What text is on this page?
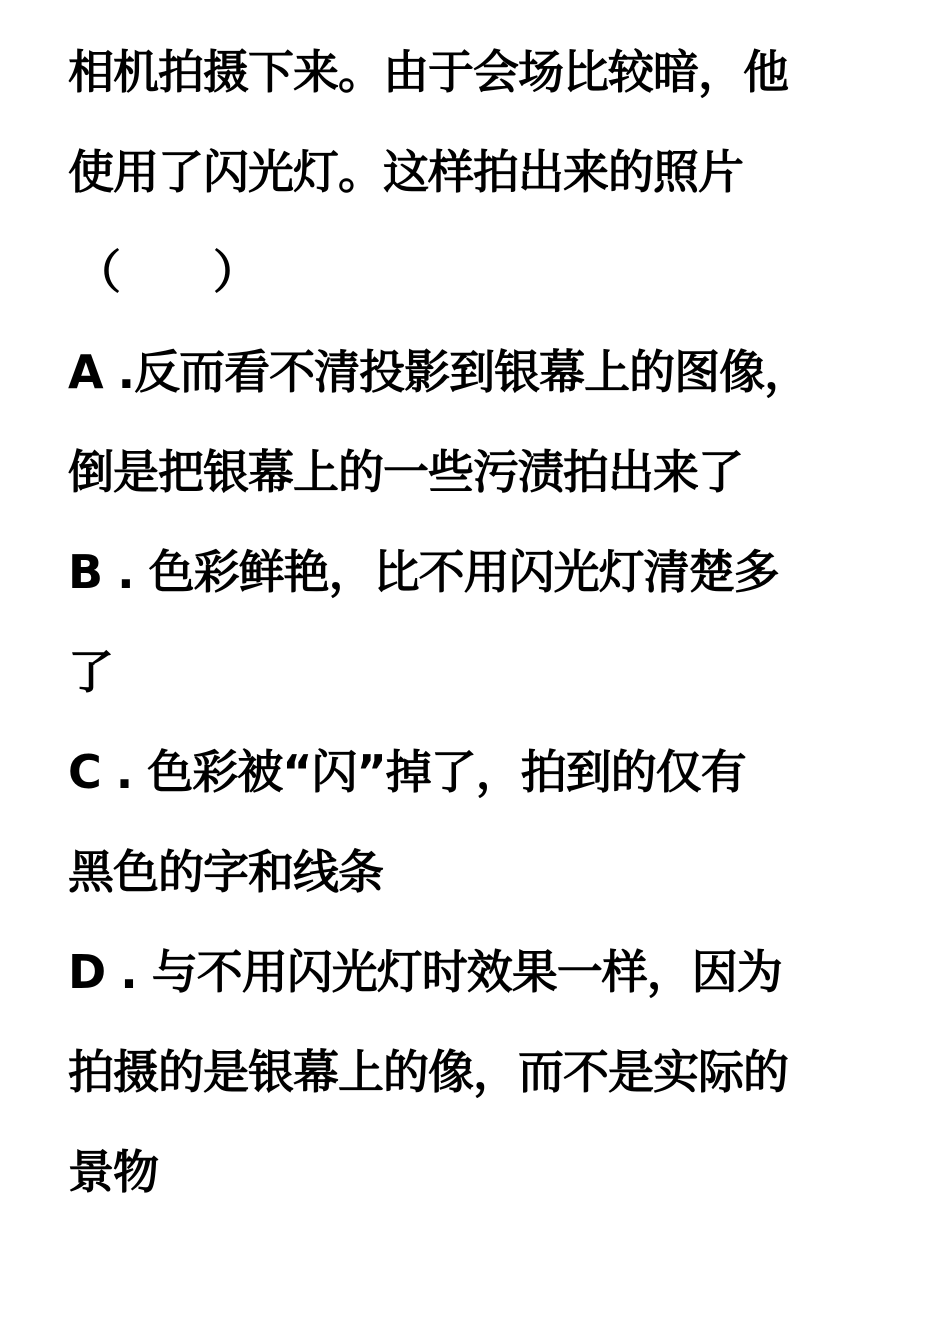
相机拍摄下来。由于会场比较暗，他

使用了闪光灯。这样拍出来的照片

（　　）

A .反而看不清投影到银幕上的图像，

倒是把银幕上的一些污渍拍出来了

B . 色彩鲜艳，比不用闪光灯清楚多

了

C . 色彩被“闪”掉了，拍到的仅有

黑色的字和线条

D . 与不用闪光灯时效果一样，因为

拍摄的是银幕上的像，而不是实际的

景物
